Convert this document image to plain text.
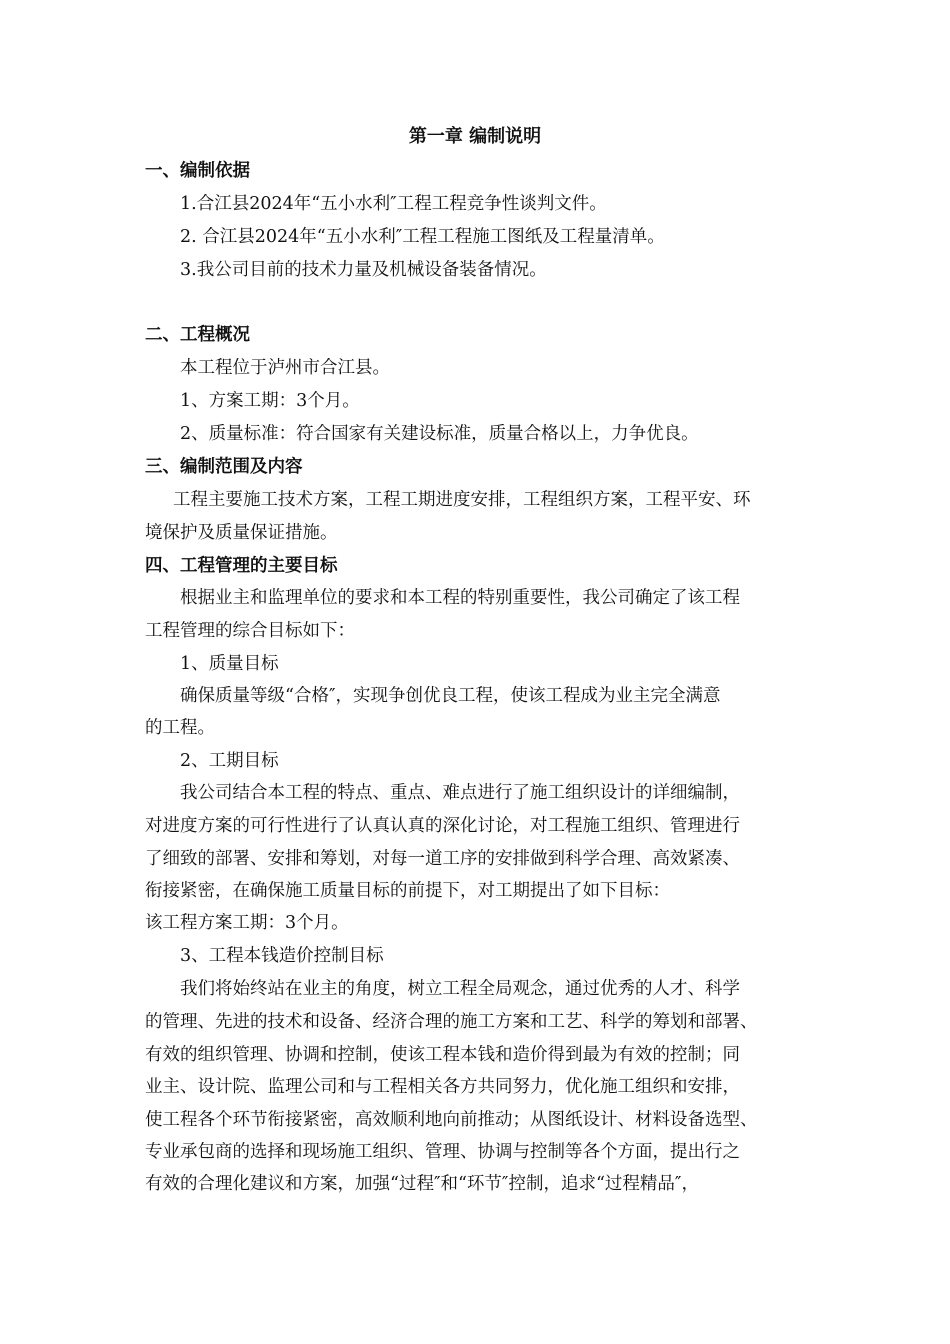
第一章 编制说明
一、编制依据
1.合江县2024年“五小水利″工程工程竞争性谈判文件。
2. 合江县2024年“五小水利″工程工程施工图纸及工程量清单。
3.我公司目前的技术力量及机械设备装备情况。
二、工程概况
本工程位于泸州市合江县。
1、方案工期：3个月。
2、质量标准：符合国家有关建设标准，质量合格以上，力争优良。
三、编制范围及内容
工程主要施工技术方案，工程工期进度安排，工程组织方案，工程平安、环
境保护及质量保证措施。
四、工程管理的主要目标
根据业主和监理单位的要求和本工程的特别重要性，我公司确定了该工程
工程管理的综合目标如下：
1、质量目标
确保质量等级“合格″，实现争创优良工程，使该工程成为业主完全满意
的工程。
2、工期目标
我公司结合本工程的特点、重点、难点进行了施工组织设计的详细编制，
对进度方案的可行性进行了认真认真的深化讨论，对工程施工组织、管理进行
了细致的部署、安排和筹划，对每一道工序的安排做到科学合理、高效紧凑、
衔接紧密，在确保施工质量目标的前提下，对工期提出了如下目标：
该工程方案工期：3个月。
3、工程本钱造价控制目标
我们将始终站在业主的角度，树立工程全局观念，通过优秀的人才、科学
的管理、先进的技术和设备、经济合理的施工方案和工艺、科学的筹划和部署、
有效的组织管理、协调和控制，使该工程本钱和造价得到最为有效的控制；同
业主、设计院、监理公司和与工程相关各方共同努力，优化施工组织和安排，
使工程各个环节衔接紧密，高效顺利地向前推动；从图纸设计、材料设备选型、
专业承包商的选择和现场施工组织、管理、协调与控制等各个方面，提出行之
有效的合理化建议和方案，加强“过程″和“环节″控制，追求“过程精品″，
